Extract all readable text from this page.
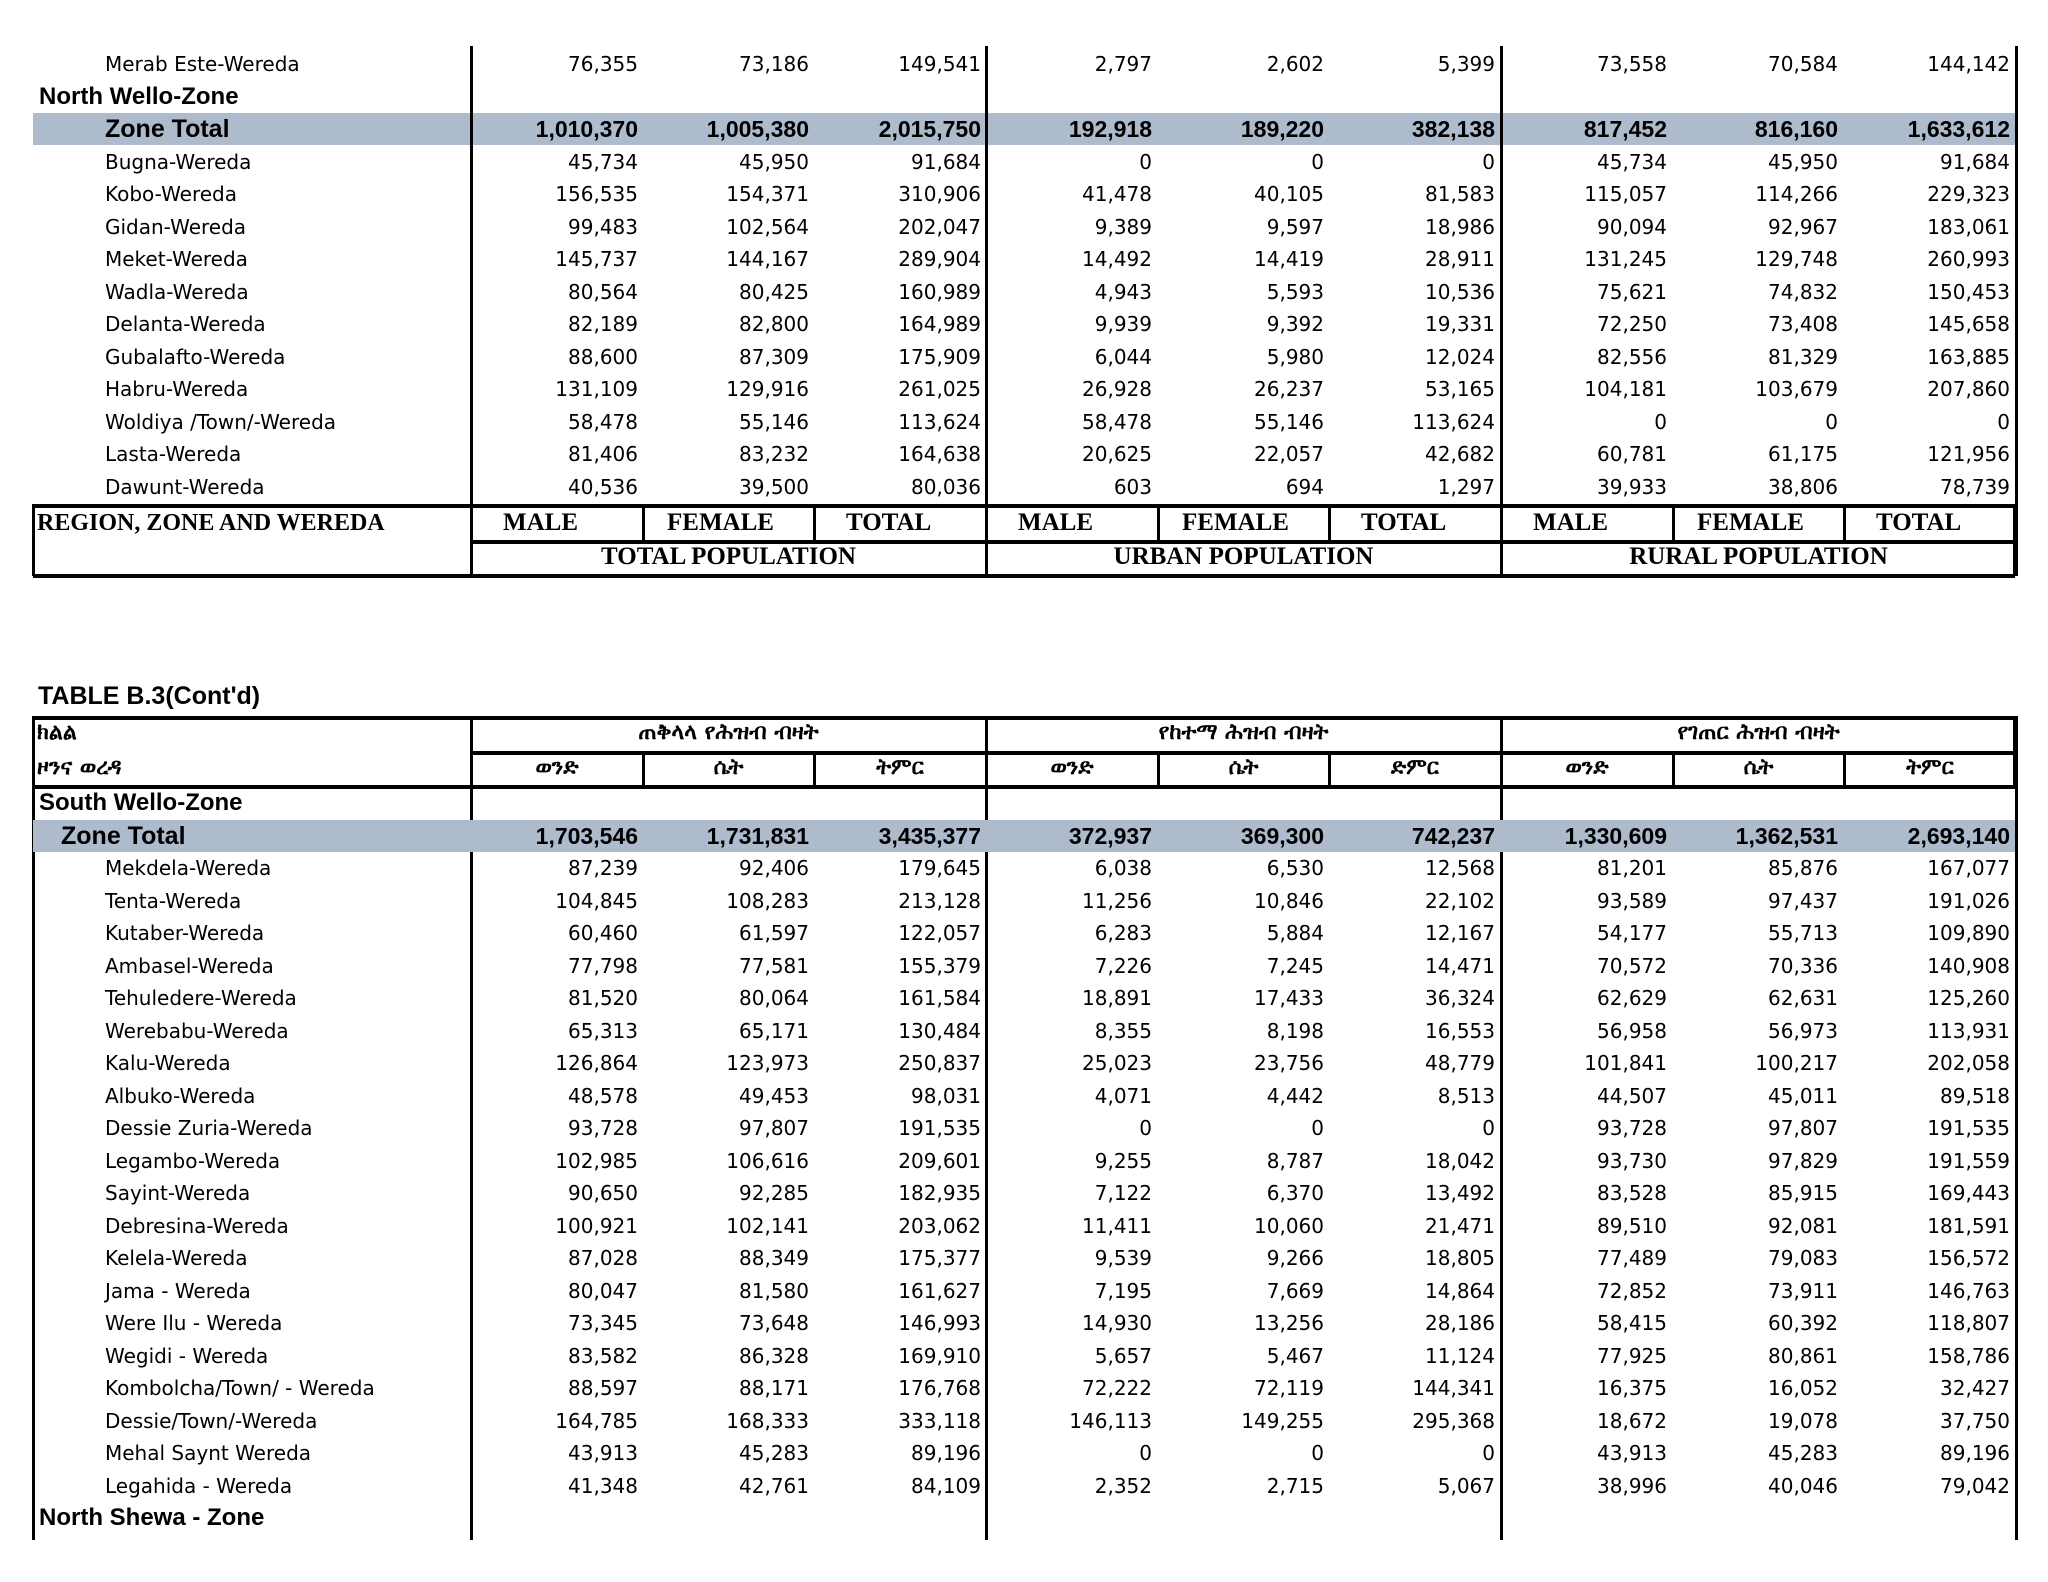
Merab Este-Wereda	76,355	73,186	149,541	2,797	2,602	5,399	73,558	70,584	144,142
North Wello-Zone
Zone Total	1,010,370	1,005,380	2,015,750	192,918	189,220	382,138	817,452	816,160	1,633,612
Bugna-Wereda	45,734	45,950	91,684	0	0	0	45,734	45,950	91,684
Kobo-Wereda	156,535	154,371	310,906	41,478	40,105	81,583	115,057	114,266	229,323
Gidan-Wereda	99,483	102,564	202,047	9,389	9,597	18,986	90,094	92,967	183,061
Meket-Wereda	145,737	144,167	289,904	14,492	14,419	28,911	131,245	129,748	260,993
Wadla-Wereda	80,564	80,425	160,989	4,943	5,593	10,536	75,621	74,832	150,453
Delanta-Wereda	82,189	82,800	164,989	9,939	9,392	19,331	72,250	73,408	145,658
Gubalafto-Wereda	88,600	87,309	175,909	6,044	5,980	12,024	82,556	81,329	163,885
Habru-Wereda	131,109	129,916	261,025	26,928	26,237	53,165	104,181	103,679	207,860
Woldiya /Town/-Wereda	58,478	55,146	113,624	58,478	55,146	113,624	0	0	0
Lasta-Wereda	81,406	83,232	164,638	20,625	22,057	42,682	60,781	61,175	121,956
Dawunt-Wereda	40,536	39,500	80,036	603	694	1,297	39,933	38,806	78,739
REGION, ZONE AND WEREDA	MALE	FEMALE	TOTAL	MALE	FEMALE	TOTAL	MALE	FEMALE	TOTAL
TOTAL POPULATION	URBAN POPULATION	RURAL POPULATION
TABLE B.3(Cont'd)
ክልል
ዞንና ወረዳ
ጠቅላላ የሕዝብ ብዛት	የከተማ ሕዝብ ብዛት	የገጠር ሕዝብ ብዛት
ወንድ	ሴት	ትምር	ወንድ	ሴት	ድምር	ወንድ	ሴት	ትምር
South Wello-Zone
Zone Total	1,703,546	1,731,831	3,435,377	372,937	369,300	742,237	1,330,609	1,362,531	2,693,140
Mekdela-Wereda	87,239	92,406	179,645	6,038	6,530	12,568	81,201	85,876	167,077
Tenta-Wereda	104,845	108,283	213,128	11,256	10,846	22,102	93,589	97,437	191,026
Kutaber-Wereda	60,460	61,597	122,057	6,283	5,884	12,167	54,177	55,713	109,890
Ambasel-Wereda	77,798	77,581	155,379	7,226	7,245	14,471	70,572	70,336	140,908
Tehuledere-Wereda	81,520	80,064	161,584	18,891	17,433	36,324	62,629	62,631	125,260
Werebabu-Wereda	65,313	65,171	130,484	8,355	8,198	16,553	56,958	56,973	113,931
Kalu-Wereda	126,864	123,973	250,837	25,023	23,756	48,779	101,841	100,217	202,058
Albuko-Wereda	48,578	49,453	98,031	4,071	4,442	8,513	44,507	45,011	89,518
Dessie Zuria-Wereda	93,728	97,807	191,535	0	0	0	93,728	97,807	191,535
Legambo-Wereda	102,985	106,616	209,601	9,255	8,787	18,042	93,730	97,829	191,559
Sayint-Wereda	90,650	92,285	182,935	7,122	6,370	13,492	83,528	85,915	169,443
Debresina-Wereda	100,921	102,141	203,062	11,411	10,060	21,471	89,510	92,081	181,591
Kelela-Wereda	87,028	88,349	175,377	9,539	9,266	18,805	77,489	79,083	156,572
Jama - Wereda	80,047	81,580	161,627	7,195	7,669	14,864	72,852	73,911	146,763
Were Ilu - Wereda	73,345	73,648	146,993	14,930	13,256	28,186	58,415	60,392	118,807
Wegidi - Wereda	83,582	86,328	169,910	5,657	5,467	11,124	77,925	80,861	158,786
Kombolcha/Town/ - Wereda	88,597	88,171	176,768	72,222	72,119	144,341	16,375	16,052	32,427
Dessie/Town/-Wereda	164,785	168,333	333,118	146,113	149,255	295,368	18,672	19,078	37,750
Mehal Saynt Wereda	43,913	45,283	89,196	0	0	0	43,913	45,283	89,196
Legahida - Wereda	41,348	42,761	84,109	2,352	2,715	5,067	38,996	40,046	79,042
North Shewa - Zone
